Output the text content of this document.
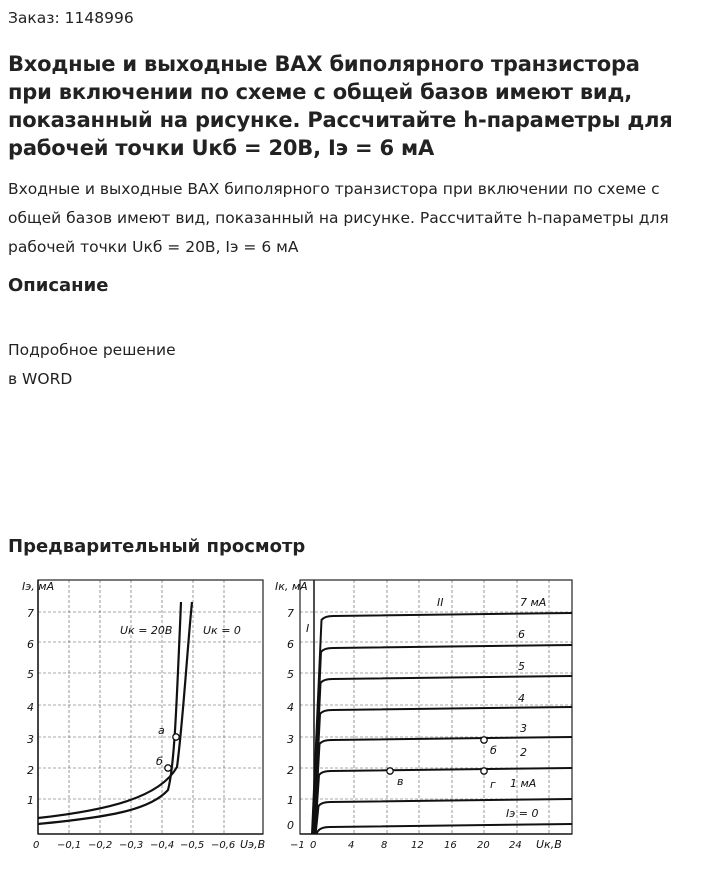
Заказ: 1148996
Входные и выходные ВАХ биполярного транзистора при включении по схеме с общей базов имеют вид, показанный на рисунке. Рассчитайте h-параметры для рабочей точки Uкб = 20В, Iэ = 6 мА

Входные и выходные ВАХ биполярного транзистора при включении по схеме с общей базов имеют вид, показанный на рисунке. Рассчитайте h-параметры для рабочей точки Uкб = 20В, Iэ = 6 мА

Описание
Подробное решение
в WORD
Предварительный просмотр
Iэ, мА
Uэ,В
7
6
5
4
3
2
1
0 −0,1 −0,2 −0,3 −0,4 −0,5 −0,6
Uк = 20В	Uк = 0
а
б
Iк, мА
Uк,В
7
6
5
4
3
2
1
0
−1 0	4	8 12 16 20 24
I
II	7 мА
6
5
4
3
2
1 мА
Iэ = 0
б
в	г
